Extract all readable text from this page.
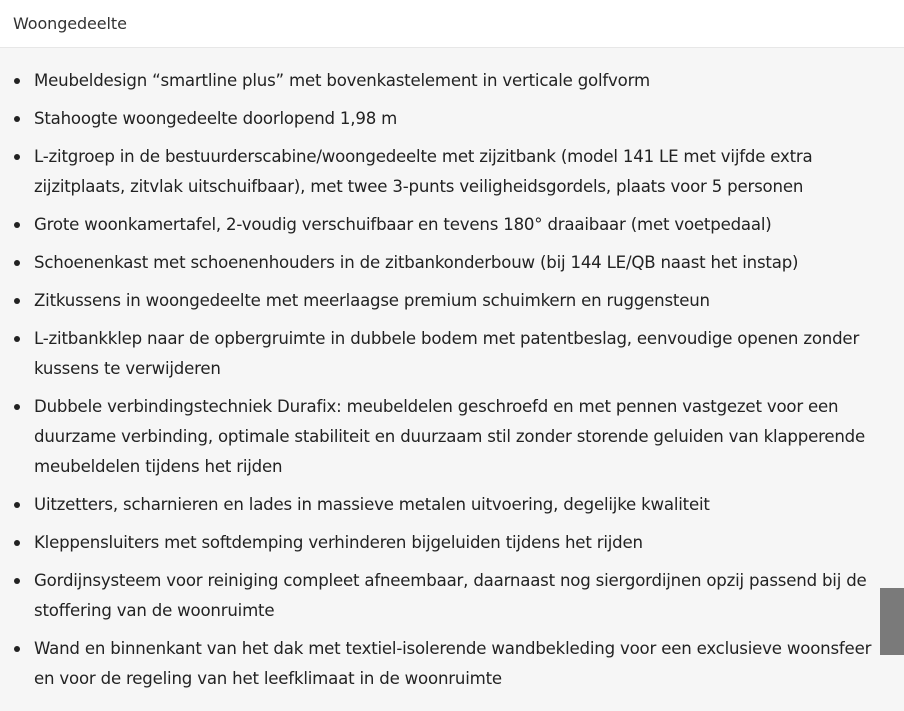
Woongedeelte
Meubeldesign “smartline plus” met bovenkastelement in verticale golfvorm
Stahoogte woongedeelte doorlopend 1,98 m
L-zitgroep in de bestuurderscabine/woongedeelte met zijzitbank (model 141 LE met vijfde extra zijzitplaats, zitvlak uitschuifbaar), met twee 3-punts veiligheidsgordels, plaats voor 5 personen
Grote woonkamertafel, 2-voudig verschuifbaar en tevens 180° draaibaar (met voetpedaal)
Schoenenkast met schoenenhouders in de zitbankonderbouw (bij 144 LE/QB naast het instap)
Zitkussens in woongedeelte met meerlaagse premium schuimkern en ruggensteun
L-zitbankklep naar de opbergruimte in dubbele bodem met patentbeslag, eenvoudige openen zonder kussens te verwijderen
Dubbele verbindingstechniek Durafix: meubeldelen geschroefd en met pennen vastgezet voor een duurzame verbinding, optimale stabiliteit en duurzaam stil zonder storende geluiden van klapperende meubeldelen tijdens het rijden
Uitzetters, scharnieren en lades in massieve metalen uitvoering, degelijke kwaliteit
Kleppensluiters met softdemping verhinderen bijgeluiden tijdens het rijden
Gordijnsysteem voor reiniging compleet afneembaar, daarnaast nog siergordijnen opzij passend bij de stoffering van de woonruimte
Wand en binnenkant van het dak met textiel-isolerende wandbekleding voor een exclusieve woonsfeer en voor de regeling van het leefklimaat in de woonruimte
